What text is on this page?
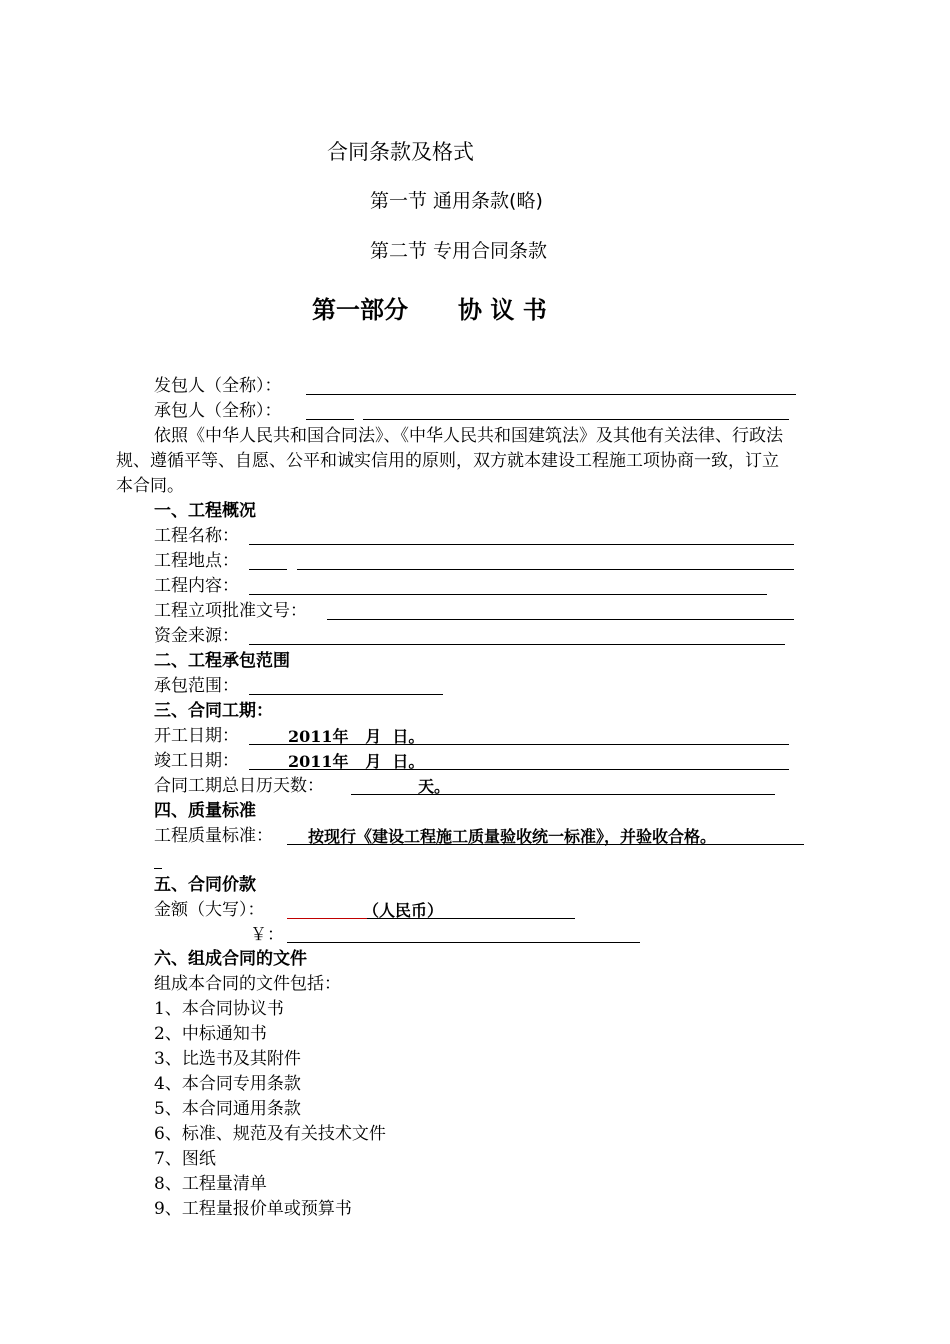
合同条款及格式
第一节 通用条款(略)
第二节 专用合同条款
第一部分 协 议 书
发包人（全称）：
承包人（全称）：
依照《中华人民共和国合同法》、《中华人民共和国建筑法》及其他有关法律、行政法规、遵循平等、自愿、公平和诚实信用的原则，双方就本建设工程施工项协商一致，订立本合同。
一、工程概况
工程名称：
工程地点：
工程内容：
工程立项批准文号：
资金来源：
二、工程承包范围
承包范围：
三、合同工期：
开工日期：	2011年   月  日。
竣工日期：	2011年   月  日。
合同工期总日历天数：	天。
四、质量标准
工程质量标准： 按现行《建设工程施工质量验收统一标准》，并验收合格。
五、合同价款
金额（大写）：	（人民币）
￥：
六、组成合同的文件
组成本合同的文件包括：
1、本合同协议书
2、中标通知书
3、比选书及其附件
4、本合同专用条款
5、本合同通用条款
6、标准、规范及有关技术文件
7、图纸
8、工程量清单
9、工程量报价单或预算书
